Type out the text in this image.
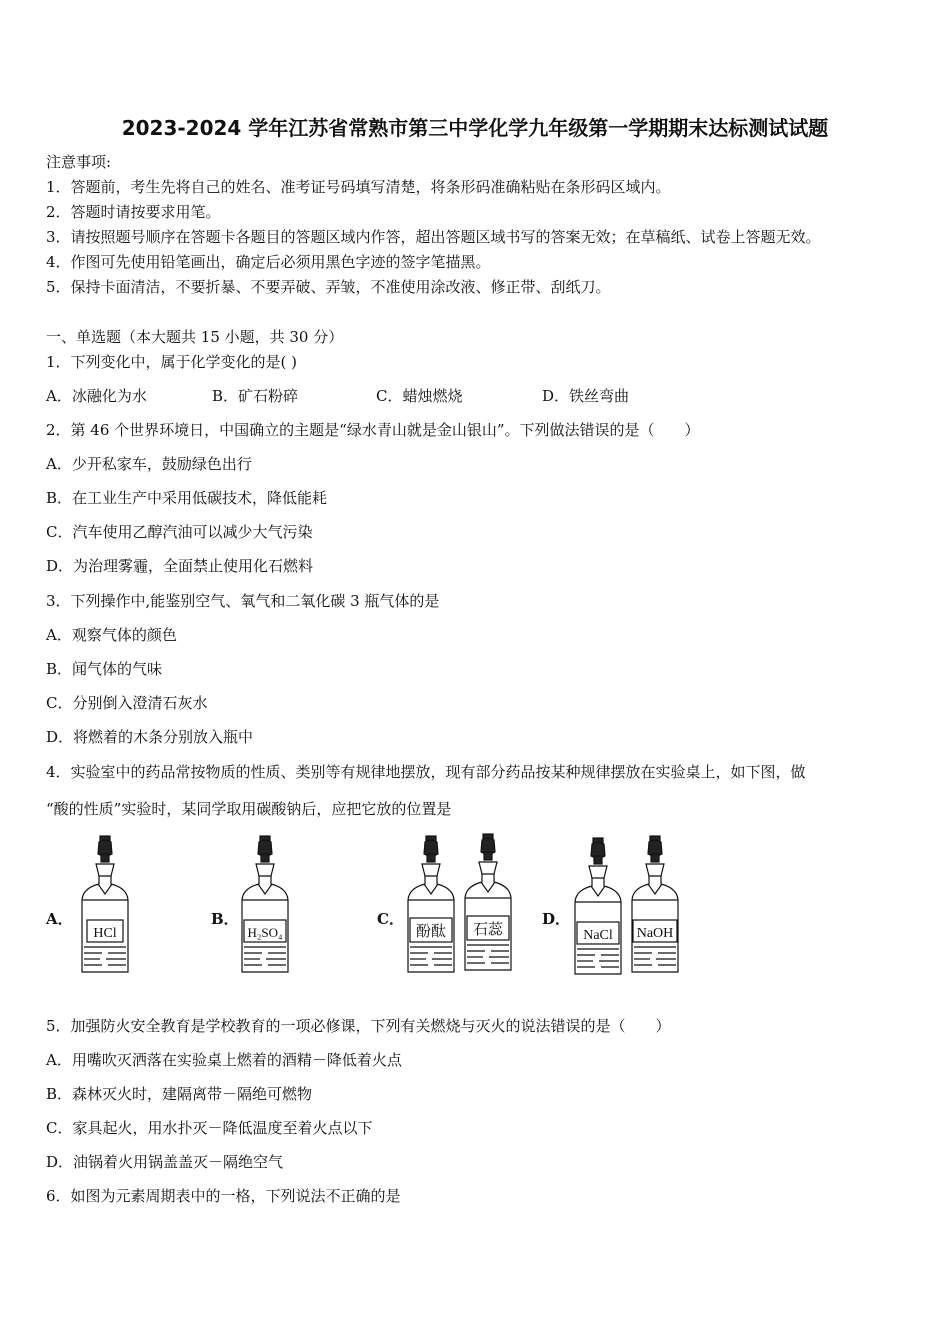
2023-2024 学年江苏省常熟市第三中学化学九年级第一学期期末达标测试试题
注意事项:
1．答题前，考生先将自己的姓名、准考证号码填写清楚，将条形码准确粘贴在条形码区域内。
2．答题时请按要求用笔。
3．请按照题号顺序在答题卡各题目的答题区域内作答，超出答题区域书写的答案无效；在草稿纸、试卷上答题无效。
4．作图可先使用铅笔画出，确定后必须用黑色字迹的签字笔描黑。
5．保持卡面清洁，不要折暴、不要弄破、弄皱，不准使用涂改液、修正带、刮纸刀。
一、单选题（本大题共 15 小题，共 30 分）
1．下列变化中，属于化学变化的是( )
A．冰融化为水	B．矿石粉碎	C．蜡烛燃烧	D．铁丝弯曲
2．第 46 个世界环境日，中国确立的主题是“绿水青山就是金山银山”。下列做法错误的是（　　）
A．少开私家车，鼓励绿色出行
B．在工业生产中采用低碳技术，降低能耗
C．汽车使用乙醇汽油可以减少大气污染
D．为治理雾霾，全面禁止使用化石燃料
3．下列操作中,能鉴别空气、氧气和二氧化碳 3 瓶气体的是
A．观察气体的颜色
B．闻气体的气味
C．分别倒入澄清石灰水
D．将燃着的木条分别放入瓶中
4．实验室中的药品常按物质的性质、类别等有规律地摆放，现有部分药品按某种规律摆放在实验桌上，如下图，做
“酸的性质”实验时，某同学取用碳酸钠后，应把它放的位置是
A．	B．	C．	D．
HCl	H₂SO₄	酚酞 石蕊	NaCl NaOH
5．加强防火安全教育是学校教育的一项必修课，下列有关燃烧与灭火的说法错误的是（　　）
A．用嘴吹灭洒落在实验桌上燃着的酒精－降低着火点
B．森林灭火时，建隔离带－隔绝可燃物
C．家具起火，用水扑灭－降低温度至着火点以下
D．油锅着火用锅盖盖灭－隔绝空气
6．如图为元素周期表中的一格，下列说法不正确的是
